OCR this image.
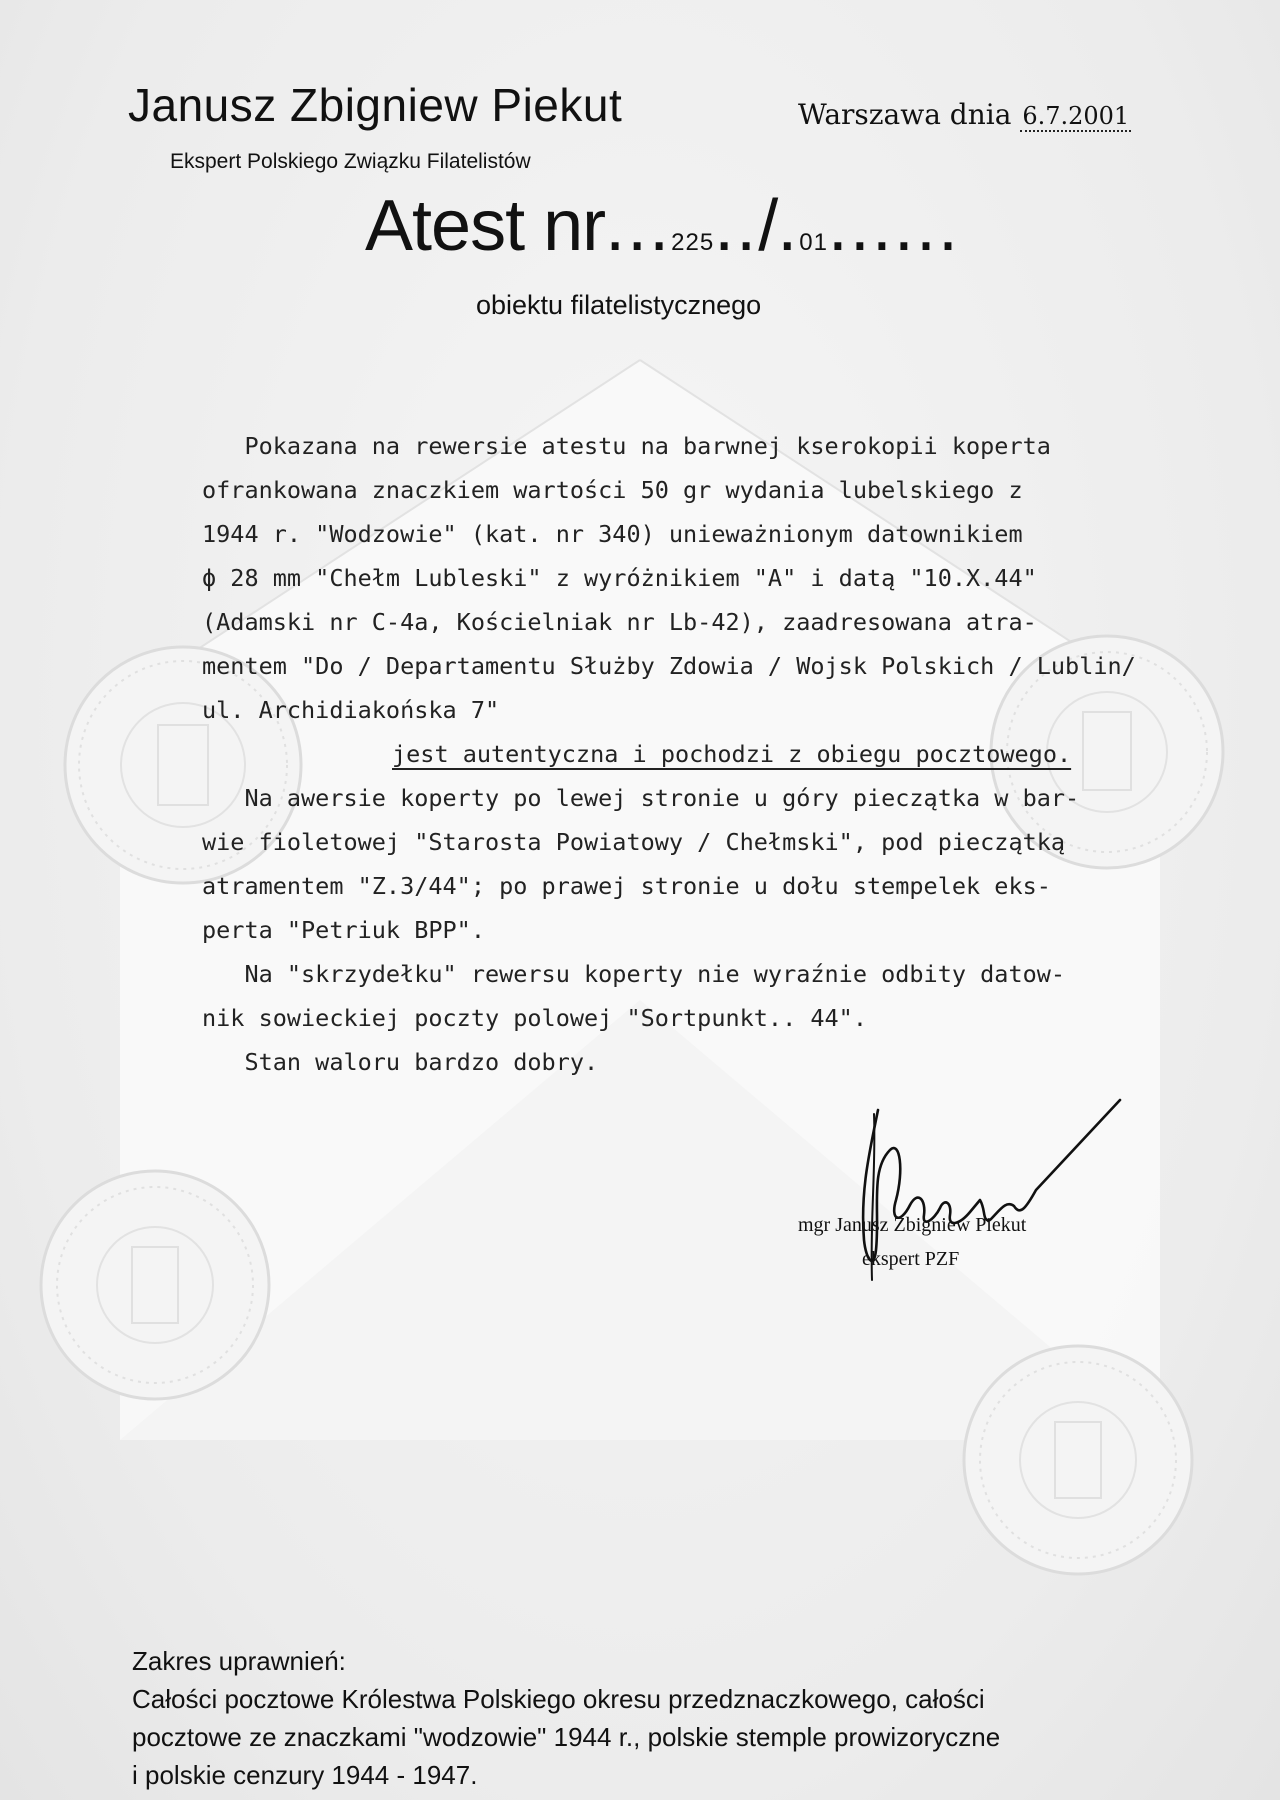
Janusz Zbigniew Piekut
Ekspert Polskiego Związku Filatelistów
Warszawa dnia 6.7.2001
Atest nr...225../.01......
obiektu filatelistycznego

Pokazana na rewersie atestu na barwnej kserokopii koperta

ofrankowana znaczkiem wartości 50 gr wydania lubelskiego z

1944 r. "Wodzowie" (kat. nr 340) unieważnionym datownikiem

ϕ 28 mm "Chełm Lubleski" z wyróżnikiem "A" i datą "10.X.44"

(Adamski nr C-4a, Kościelniak nr Lb-42), zaadresowana atra-

mentem "Do / Departamentu Służby Zdowia / Wojsk Polskich / Lublin/

ul. Archidiakońska 7"

jest autentyczna i pochodzi z obiegu pocztowego.

Na awersie koperty po lewej stronie u góry pieczątka w bar-

wie fioletowej "Starosta Powiatowy / Chełmski", pod pieczątką

atramentem "Z.3/44"; po prawej stronie u dołu stempelek eks-

perta "Petriuk BPP".

Na "skrzydełku" rewersu koperty nie wyraźnie odbity datow-

nik sowieckiej poczty polowej "Sortpunkt.. 44".

Stan waloru bardzo dobry.

mgr Janusz Zbigniew Piekut
ekspert PZF
Zakres uprawnień:
Całości pocztowe Królestwa Polskiego okresu przedznaczkowego, całości
pocztowe ze znaczkami "wodzowie" 1944 r., polskie stemple prowizoryczne
i polskie cenzury 1944 - 1947.
